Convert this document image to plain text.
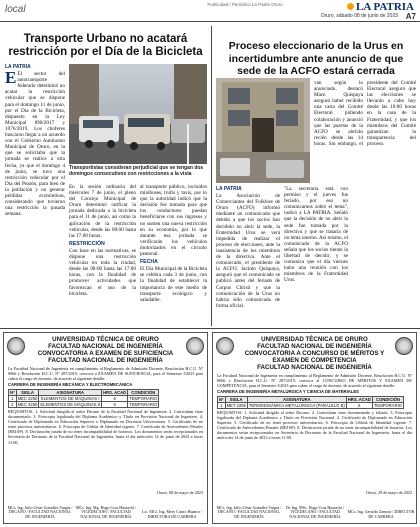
local	Publicidad / Periódico La Patria Oruro	LA PATRIA
Oruro, sábado 08 de junio de 2023 A7
Transporte Urbano no acatará restricción por el Día de la Bicicleta

LA PATRIA

E El sector del autotransporte federado determinó no acatar la restricción vehicular que se dispone para el domingo 11 de junio, por el Día de la Bicicleta, dispuesto en la Ley Municipal 890/2017 y 1076/2019. Los choferes buscaron llegar a un acuerdo con el Gobierno Autónomo Municipal de Oruro, en la que se solicitaba que la jornada se realice a otra fecha, ya que el domingo 4 de junio, se tuvo una restricción vehicular por el Día del Peatón, para bien de la población y no generar pérdidas económicas, considerando que tuvieron una restricción la pasada semana.

Transportistas consideran perjudicial que se tengan dos domingos consecutivos con restricciones a la vista

En la sesión ordinaria del miércoles 7 de junio, el pleno del Concejo Municipal de Oruro determinó ratificar la jornada dedicada a la bicicleta para el 11 de junio, así como la aplicación de la restricción vehicular, desde las 08:00 hasta las 17:00 horas.

RESTRICCIÓN

Con base en las normativas, se dispone una restricción vehicular en toda la ciudad, desde las 08:00 hasta las 17:00 horas, con la finalidad de promover actividades que favorezcan el uso de la bicicleta.

al transporte público, incluidos minibuses, trufis y taxis, por lo que la autoridad indicó que la decisión fue tomada para que los conductores puedan beneficiarse con sus ingresos y no sumen una nueva restricción en su economía, por lo que durante esa jornada se verificarán los vehículos motorizados en el circuito peatonal.

FECHA

El Día Municipal de la Bicicleta se celebra cada 3 de junio, con la finalidad de establecer la importancia de este medio de transporte ecológico y saludable.

Proceso eleccionario de la Urus en incertidumbre ante anuncio de que sede de la ACFO estará cerrada

LA PATRIA

La Asociación de Comerciantes del Folklore de Oruro (ACFO) informó mediante un comunicado que debido a que los socios han decidido no abrir la sede, la Fraternidad Urus se verá impedida de realizar el proceso de elecciones, ante la inasistencia de los miembros de la directiva. Ante el comunicado, el presidente de la ACFO, Jacinto Quispaya, aseguró que el comunicado se publicó antes del feriado de Corpus Christi y que la comunicación de la Urus no habría sido comunicada de forma oficial.

"La secretaria está con permiso y el jueves fue feriado, por eso no comunicamos sobre el tema", indicó a LA PATRIA. Señaló que la decisión de no abrir la sede fue tomada por la directiva y que se trataría de un tema interno. Así mismo, el comunicado de la ACFO señala que los socios tienen la libertad de decidir, y se comunica que el día viernes hubo una reunión con los miembros de la Fraternidad Urus.

van según lo anunciado, destacó Mare. Quispaya aseguró haber recibido una carta del Comité Electoral pidiendo colaboración y anunció que las puertas de la ACFO se abrirán recién desde las 14 horas. Sin embargo, el presidente del Comité Electoral aseguró que las elecciones se llevarán a cabo hoy desde las 10:00 horas en la casa de la Fraternidad, y que los miembros del Comité garantizan la transparencia del proceso.

UNIVERSIDAD TÉCNICA DE ORURO
FACULTAD NACIONAL DE INGENIERÍA
CONVOCATORIA A EXAMEN DE SUFICIENCIA
FACULTAD NACIONAL DE INGENIERÍA
La Facultad Nacional de Ingeniería en cumplimiento al Reglamento de Admisión Docente, Resolución H.C.U. Nº 0066 y Resolución H.C.U. Nº 287/2019, convoca a EXAMEN DE SUFICIENCIA, para el Semestre I/2023 para cubrir el cargo de docente, de acuerdo al siguiente detalle:
CARRERA DE INGENIERÍA MECÁNICA Y ELECTROMECÁNICA
Nº	SIGLA	ASIGNATURA	HRS. ACAD	CONDICIÓN
1	MEC 2250	ELEMENTOS DE MÁQUINAS I	6	TEMPORARIO
2	MEC 3250	ELEMENTOS DE MÁQUINAS II	6	TEMPORARIO
REQUISITOS: 1. Solicitud dirigida al señor Decano de la Facultad Nacional de Ingeniería. 2. Curriculum vitae documentado. 3. Fotocopia legalizada del Diploma Académico y Título en Provisión Nacional de Ingeniero. 4. Certificado de Diplomado en Educación Superior o Diplomado en Docencia Universitaria. 5. Certificado de no tener procesos universitarios. 6. Fotocopia de Cédula de Identidad vigente. 7. Certificado de Antecedentes Penales (REJAP). 8. Declaración jurada de no tener incompatibilidad de horarios. Los documentos serán recepcionados en Secretaría de Decanato de la Facultad Nacional de Ingeniería, hasta el día miércoles 14 de junio de 2023 a horas 11:00.
Oruro, 08 de mayo de 2023
MCs. Ing. Julio César Gonzáles Vargas / DECANO / FACULTAD NACIONAL DE INGENIERÍA
MCs. Ing. Mg. Hugo Cruz Huarachi / VICEDECANO / FACULTAD NACIONAL DE INGENIERÍA
Lic. MCs. Ing. Mery Castro Huanca / DIRECTORA DE CARRERA
UNIVERSIDAD TÉCNICA DE ORURO
FACULTAD NACIONAL DE INGENIERÍA
CONVOCATORIA A CONCURSO DE MÉRITOS Y EXAMEN DE COMPETENCIA
FACULTAD NACIONAL DE INGENIERÍA
La Facultad Nacional de Ingeniería en cumplimiento al Reglamento de Admisión Docente, Resolución H.C.U. Nº 0066 y Resolución H.C.U. Nº 287/2019, convoca al CONCURSO DE MÉRITOS Y EXAMEN DE COMPETENCIA, para el Semestre I/2023 para cubrir el cargo de docente, de acuerdo al siguiente detalle:
CARRERA DE INGENIERÍA METALÚRGICA Y CIENCIA DE MATERIALES
Nº	SIGLA	ASIGNATURA	HRS. ACAD	CONDICIÓN
1	MET 2206	TERMODINÁMICA METALÚRGICA (PARALELO B)	6	TEMPORARIO
REQUISITOS: 1. Solicitud dirigida al señor Decano. 2. Curriculum vitae documentado y foliado. 3. Fotocopia legalizada del Diploma Académico y Título en Provisión Nacional. 4. Certificado de Diplomado en Educación Superior. 5. Certificado de no tener procesos universitarios. 6. Fotocopia de Cédula de Identidad vigente. 7. Certificado de Antecedentes Penales (REJAP). 8. Declaración jurada de no tener incompatibilidad de horarios. Los documentos serán recepcionados en Secretaría de Decanato de la Facultad Nacional de Ingeniería, hasta el día miércoles 14 de junio de 2023 a horas 11:00.
Oruro, 29 de mayo de 2023
MCs. Ing. Julio César Gonzáles Vargas / DECANO / FACULTAD NACIONAL DE INGENIERÍA
Dr. Ing. MSc. Hugo Cruz Huarachi / VICEDECANO / FACULTAD NACIONAL DE INGENIERÍA
MCs. Ing. Gerardo Zamora / DIRECTOR DE CARRERA
